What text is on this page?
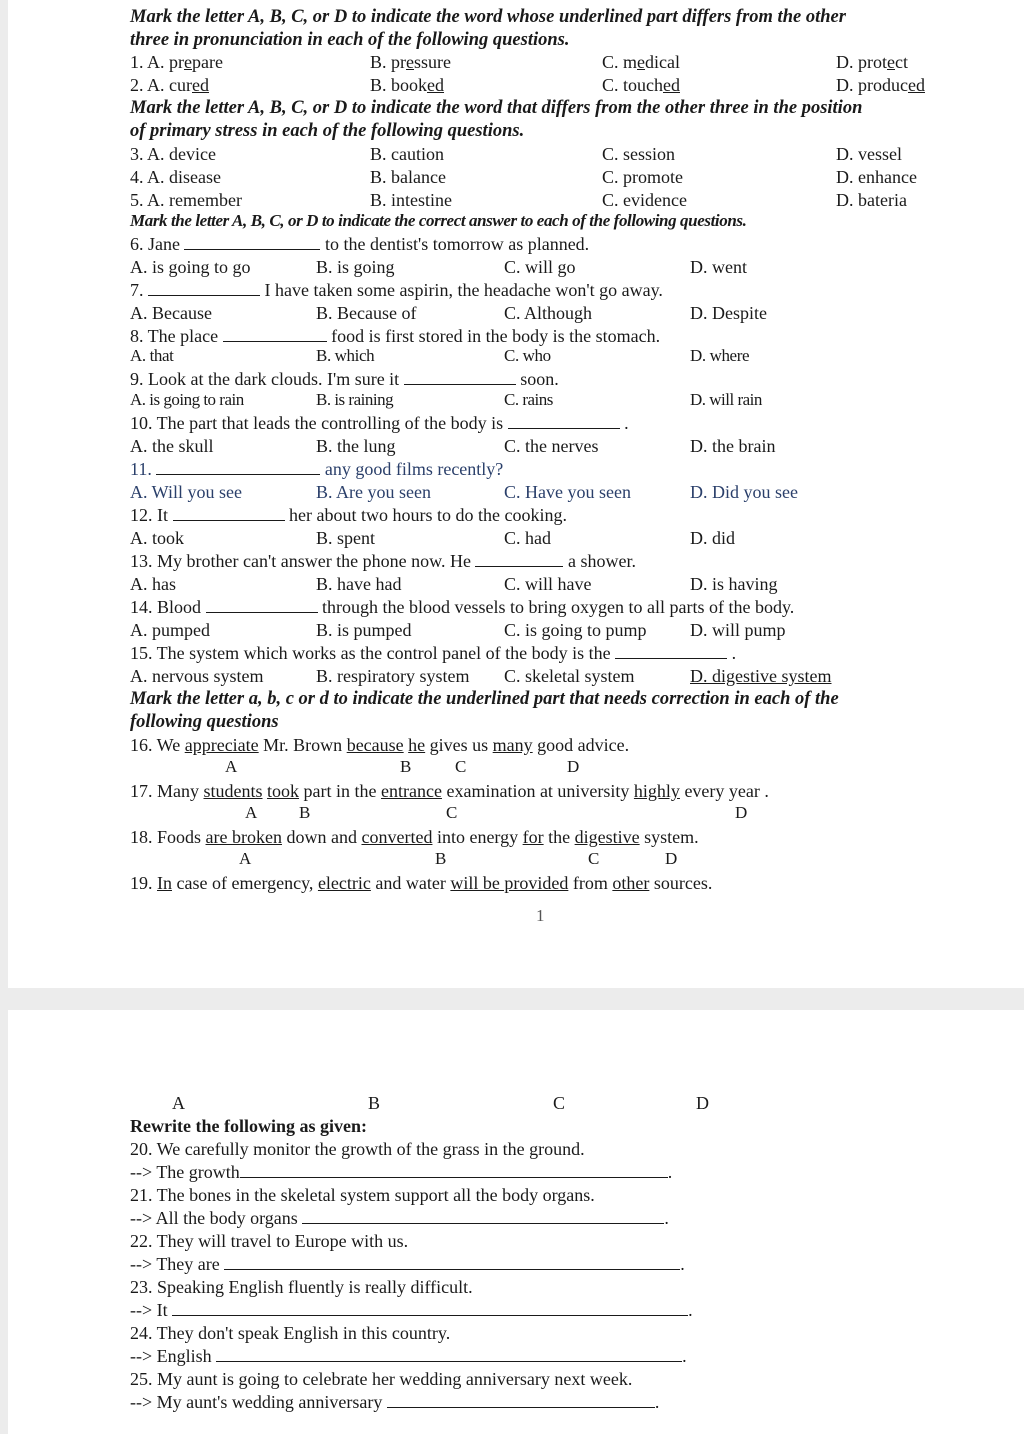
Mark the letter A, B, C, or D to indicate the word whose underlined part differs from the other
three in pronunciation in each of the following questions.
1. A. prepare	B. pressure	C. medical	D. protect
2. A. cured	B. booked	C. touched	D. produced
Mark the letter A, B, C, or D to indicate the word that differs from the other three in the position
of primary stress in each of the following questions.
3. A. device	B. caution	C. session	D. vessel
4. A. disease	B. balance	C. promote	D. enhance
5. A. remember	B. intestine	C. evidence	D. bateria
Mark the letter A, B, C, or D to indicate the correct answer to each of the following questions.
6. Jane	to the dentist's tomorrow as planned.
A. is going to go	B. is going	C. will go	D. went
7.	I have taken some aspirin, the headache won't go away.
A. Because	B. Because of	C. Although	D. Despite
8. The place	food is first stored in the body is the stomach.
A. that	B. which	C. who	D. where
9. Look at the dark clouds. I'm sure it	soon.
A. is going to rain	B. is raining	C. rains	D. will rain
10. The part that leads the controlling of the body is	.
A. the skull	B. the lung	C. the nerves	D. the brain
11.	any good films recently?
A. Will you see	B. Are you seen	C. Have you seen	D. Did you see
12. It	her about two hours to do the cooking.
A. took	B. spent	C. had	D. did
13. My brother can't answer the phone now. He	a shower.
A. has	B. have had	C. will have	D. is having
14. Blood	through the blood vessels to bring oxygen to all parts of the body.
A. pumped	B. is pumped	C. is going to pump D. will pump
15. The system which works as the control panel of the body is the	.
A. nervous system	B. respiratory system C. skeletal system	D. digestive system
Mark the letter a, b, c or d to indicate the underlined part that needs correction in each of the
following questions
16. We appreciate Mr. Brown because he gives us many good advice.
A	B	C	D
17. Many students took part in the entrance examination at university highly every year .
A B	C	D
18. Foods are broken down and converted into energy for the digestive system.
A	B	C	D
19. In case of emergency, electric and water will be provided from other sources.
1
A	B	C	D
Rewrite the following as given:
20. We carefully monitor the growth of the grass in the ground.
--> The growth	.
21. The bones in the skeletal system support all the body organs.
--> All the body organs	.
22. They will travel to Europe with us.
--> They are	.
23. Speaking English fluently is really difficult.
--> It	.
24. They don't speak English in this country.
--> English	.
25. My aunt is going to celebrate her wedding anniversary next week.
--> My aunt's wedding anniversary	.
